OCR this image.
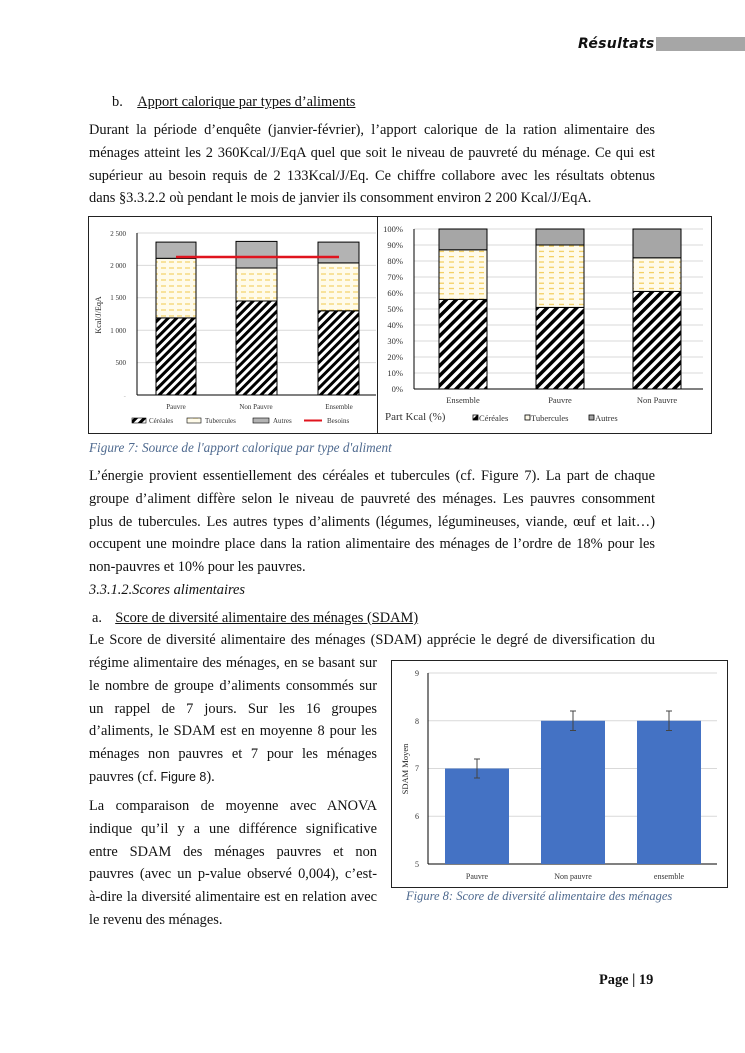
Résultats
b. Apport calorique par types d’aliments
Durant la période d’enquête (janvier-février), l’apport calorique de la ration alimentaire des
ménages atteint les 2 360Kcal/J/EqA quel que soit le niveau de pauvreté du ménage. Ce qui est
supérieur au besoin requis de 2 133Kcal/J/Eq. Ce chiffre collabore avec les résultats obtenus
dans §3.3.2.2 où pendant le mois de janvier ils consomment environ 2 200 Kcal/J/EqA.
2 500
2 000
1 500
1 000
500
-
Kcal/J/EqA
Pauvre	Non Pauvre	Ensemble
Céréales	Tubercules	Autres	Besoins
100%
90%
80%
70%
60%
50%
40%
30%
20%
10%
0%
Ensemble	Pauvre	Non Pauvre
Part Kcal (%)	Céréales	Tubercules	Autres
Figure 7: Source de l'apport calorique par type d'aliment
L’énergie provient essentiellement des céréales et tubercules (cf. Figure 7). La part de chaque
groupe d’aliment diffère selon le niveau de pauvreté des ménages. Les pauvres consomment
plus de tubercules. Les autres types d’aliments (légumes, légumineuses, viande, œuf et lait…)
occupent une moindre place dans la ration alimentaire des ménages de l’ordre de 18% pour les
non-pauvres et 10% pour les pauvres.
3.3.1.2.Scores alimentaires
a. Score de diversité alimentaire des ménages (SDAM)
Le Score de diversité alimentaire des ménages (SDAM) apprécie le degré de diversification du
régime alimentaire des ménages, en se basant sur
le nombre de groupe d’aliments consommés sur
un rappel de 7 jours. Sur les 16 groupes
d’aliments, le SDAM est en moyenne 8 pour les
ménages non pauvres et 7 pour les ménages
pauvres (cf. Figure 8).
La comparaison de moyenne avec ANOVA
indique qu’il y a une différence significative
entre SDAM des ménages pauvres et non
pauvres (avec un p-value observé 0,004), c’est-
à-dire la diversité alimentaire est en relation avec
le revenu des ménages.
9
8
7
6
5
SDAM Moyen
Pauvre	Non pauvre	ensemble
Figure 8: Score de diversité alimentaire des ménages
Page | 19
